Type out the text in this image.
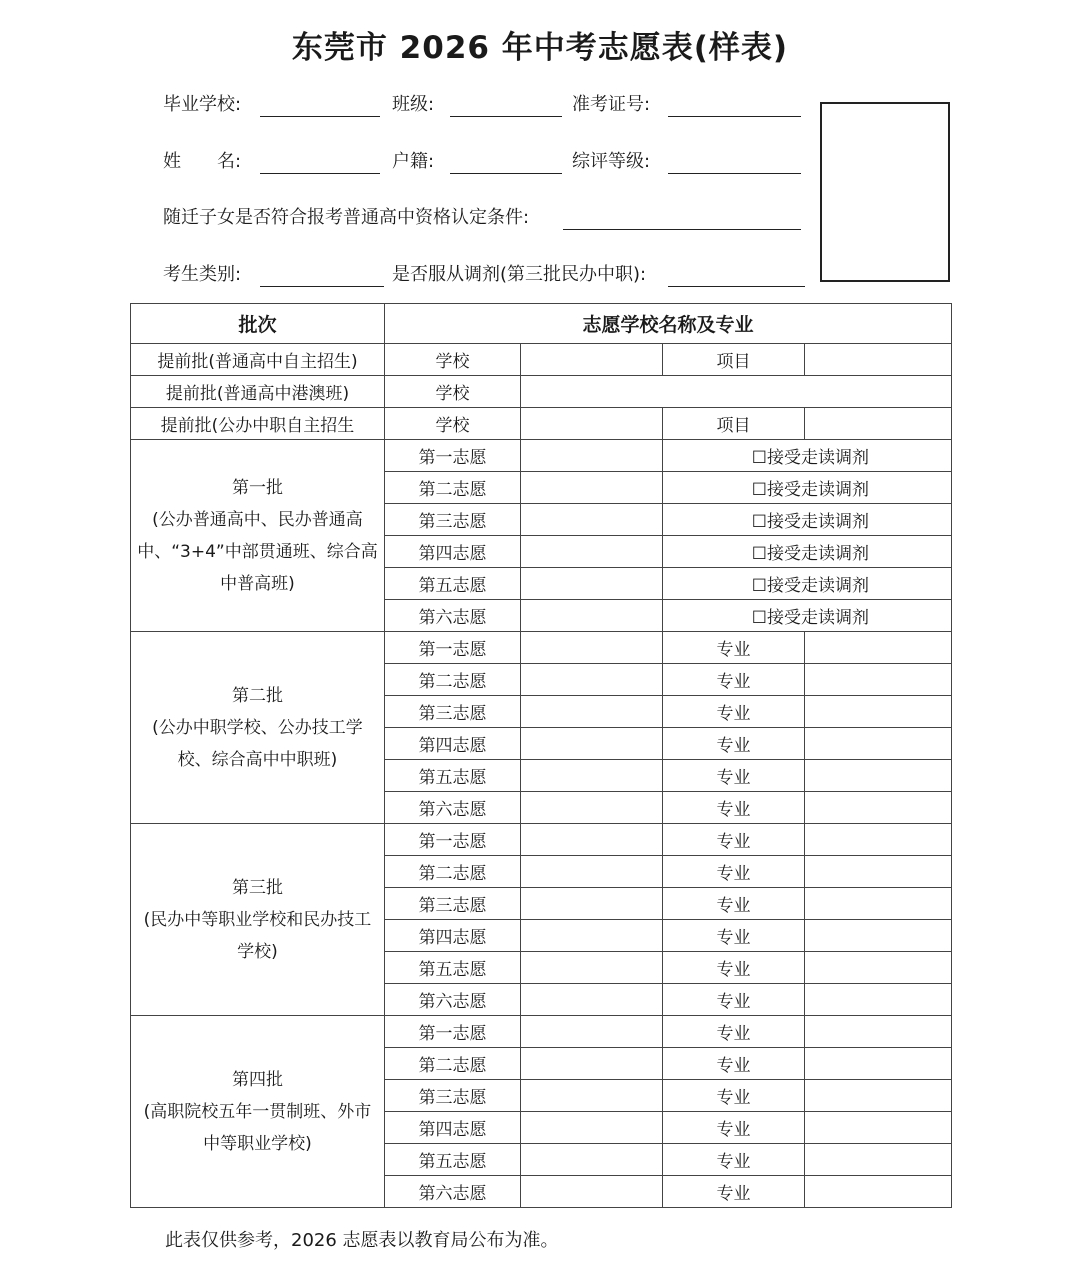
东莞市 2026 年中考志愿表(样表)
毕业学校:	班级:	准考证号:
姓　　名:	户籍:	综评等级:
随迁子女是否符合报考普通高中资格认定条件:
考生类别:	是否服从调剂(第三批民办中职):
批次	志愿学校名称及专业			
提前批(普通高中自主招生)	学校		项目	
提前批(普通高中港澳班)	学校			
提前批(公办中职自主招生	学校		项目	

第一批
(公办普通高中、民办普通高中、“3+4”中部贯通班、综合高中普高班)	第一志愿		☐接受走读调剂	
	第二志愿		☐接受走读调剂	
	第三志愿		☐接受走读调剂	
	第四志愿		☐接受走读调剂	
	第五志愿		☐接受走读调剂	
	第六志愿		☐接受走读调剂	

第二批
(公办中职学校、公办技工学校、综合高中中职班)	第一志愿		专业	
	第二志愿		专业	
	第三志愿		专业	
	第四志愿		专业	
	第五志愿		专业	
	第六志愿		专业	

第三批
(民办中等职业学校和民办技工学校)	第一志愿		专业	
	第二志愿		专业	
	第三志愿		专业	
	第四志愿		专业	
	第五志愿		专业	
	第六志愿		专业	

第四批
(高职院校五年一贯制班、外市中等职业学校)	第一志愿		专业	
	第二志愿		专业	
	第三志愿		专业	
	第四志愿		专业	
	第五志愿		专业	
	第六志愿		专业	
此表仅供参考，2026 志愿表以教育局公布为准。
